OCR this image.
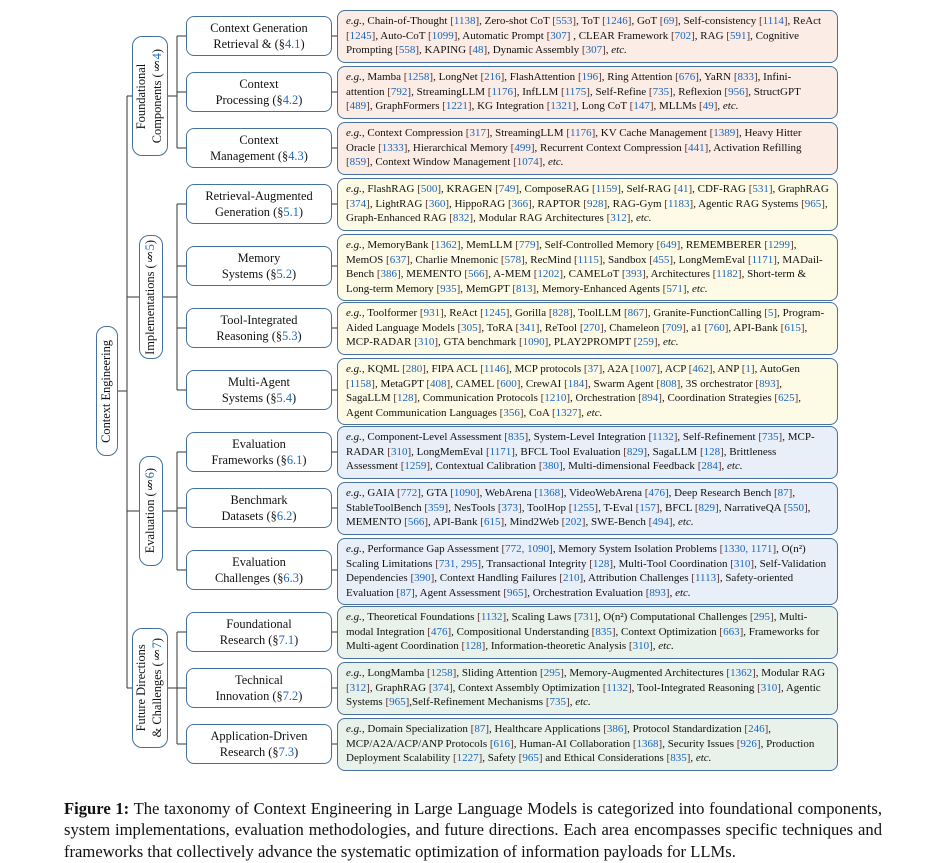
Context Engineering
Foundational Components (§4)
Context Generation
Retrieval & (§4.1)
e.g., Chain-of-Thought [1138], Zero-shot CoT [553], ToT [1246], GoT [69], Self-consistency [1114], ReAct [1245], Auto-CoT [1099], Automatic Prompt [307] , CLEAR Framework [702], RAG [591], Cognitive Prompting [558], KAPING [48], Dynamic Assembly [307], etc.
Context
Processing (§4.2)
e.g., Mamba [1258], LongNet [216], FlashAttention [196], Ring Attention [676], YaRN [833], Infini-attention [792], StreamingLLM [1176], InfLLM [1175], Self-Refine [735], Reflexion [956], StructGPT [489], GraphFormers [1221], KG Integration [1321], Long CoT [147], MLLMs [49], etc.
Context
Management (§4.3)
e.g., Context Compression [317], StreamingLLM [1176], KV Cache Management [1389], Heavy Hitter Oracle [1333], Hierarchical Memory [499], Recurrent Context Compression [441], Activation Refilling [859], Context Window Management [1074], etc.
Implementations (§5)
Retrieval-Augmented
Generation (§5.1)
e.g., FlashRAG [500], KRAGEN [749], ComposeRAG [1159], Self-RAG [41], CDF-RAG [531], GraphRAG [374], LightRAG [360], HippoRAG [366], RAPTOR [928], RAG-Gym [1183], Agentic RAG Systems [965], Graph-Enhanced RAG [832], Modular RAG Architectures [312], etc.
Memory
Systems (§5.2)
e.g., MemoryBank [1362], MemLLM [779], Self-Controlled Memory [649], REMEMBERER [1299], MemOS [637], Charlie Mnemonic [578], RecMind [1115], Sandbox [455], LongMemEval [1171], MADail-Bench [386], MEMENTO [566], A-MEM [1202], CAMELoT [393], Architectures [1182], Short-term & Long-term Memory [935], MemGPT [813], Memory-Enhanced Agents [571], etc.
Tool-Integrated
Reasoning (§5.3)
e.g., Toolformer [931], ReAct [1245], Gorilla [828], ToolLLM [867], Granite-FunctionCalling [5], Program-Aided Language Models [305], ToRA [341], ReTool [270], Chameleon [709], a1 [760], API-Bank [615], MCP-RADAR [310], GTA benchmark [1090], PLAY2PROMPT [259], etc.
Multi-Agent
Systems (§5.4)
e.g., KQML [280], FIPA ACL [1146], MCP protocols [37], A2A [1007], ACP [462], ANP [1], AutoGen [1158], MetaGPT [408], CAMEL [600], CrewAI [184], Swarm Agent [808], 3S orchestrator [893], SagaLLM [128], Communication Protocols [1210], Orchestration [894], Coordination Strategies [625], Agent Communication Languages [356], CoA [1327], etc.
Evaluation (§6)
Evaluation
Frameworks (§6.1)
e.g., Component-Level Assessment [835], System-Level Integration [1132], Self-Refinement [735], MCP-RADAR [310], LongMemEval [1171], BFCL Tool Evaluation [829], SagaLLM [128], Brittleness Assessment [1259], Contextual Calibration [380], Multi-dimensional Feedback [284], etc.
Benchmark
Datasets (§6.2)
e.g., GAIA [772], GTA [1090], WebArena [1368], VideoWebArena [476], Deep Research Bench [87], StableToolBench [359], NesTools [373], ToolHop [1255], T-Eval [157], BFCL [829], NarrativeQA [550], MEMENTO [566], API-Bank [615], Mind2Web [202], SWE-Bench [494], etc.
Evaluation
Challenges (§6.3)
e.g., Performance Gap Assessment [772, 1090], Memory System Isolation Problems [1330, 1171], O(n²) Scaling Limitations [731, 295], Transactional Integrity [128], Multi-Tool Coordination [310], Self-Validation Dependencies [390], Context Handling Failures [210], Attribution Challenges [1113], Safety-oriented Evaluation [87], Agent Assessment [965], Orchestration Evaluation [893], etc.
Future Directions & Challenges (§7)
Foundational
Research (§7.1)
e.g., Theoretical Foundations [1132], Scaling Laws [731], O(n²) Computational Challenges [295], Multi-modal Integration [476], Compositional Understanding [835], Context Optimization [663], Frameworks for Multi-agent Coordination [128], Information-theoretic Analysis [310], etc.
Technical
Innovation (§7.2)
e.g., LongMamba [1258], Sliding Attention [295], Memory-Augmented Architectures [1362], Modular RAG [312], GraphRAG [374], Context Assembly Optimization [1132], Tool-Integrated Reasoning [310], Agentic Systems [965],Self-Refinement Mechanisms [735], etc.
Application-Driven
Research (§7.3)
e.g., Domain Specialization [87], Healthcare Applications [386], Protocol Standardization [246], MCP/A2A/ACP/ANP Protocols [616], Human-AI Collaboration [1368], Security Issues [926], Production Deployment Scalability [1227], Safety [965] and Ethical Considerations [835], etc.

Figure 1: The taxonomy of Context Engineering in Large Language Models is categorized into foundational components, system implementations, evaluation methodologies, and future directions. Each area encompasses specific techniques and frameworks that collectively advance the systematic optimization of information payloads for LLMs.
